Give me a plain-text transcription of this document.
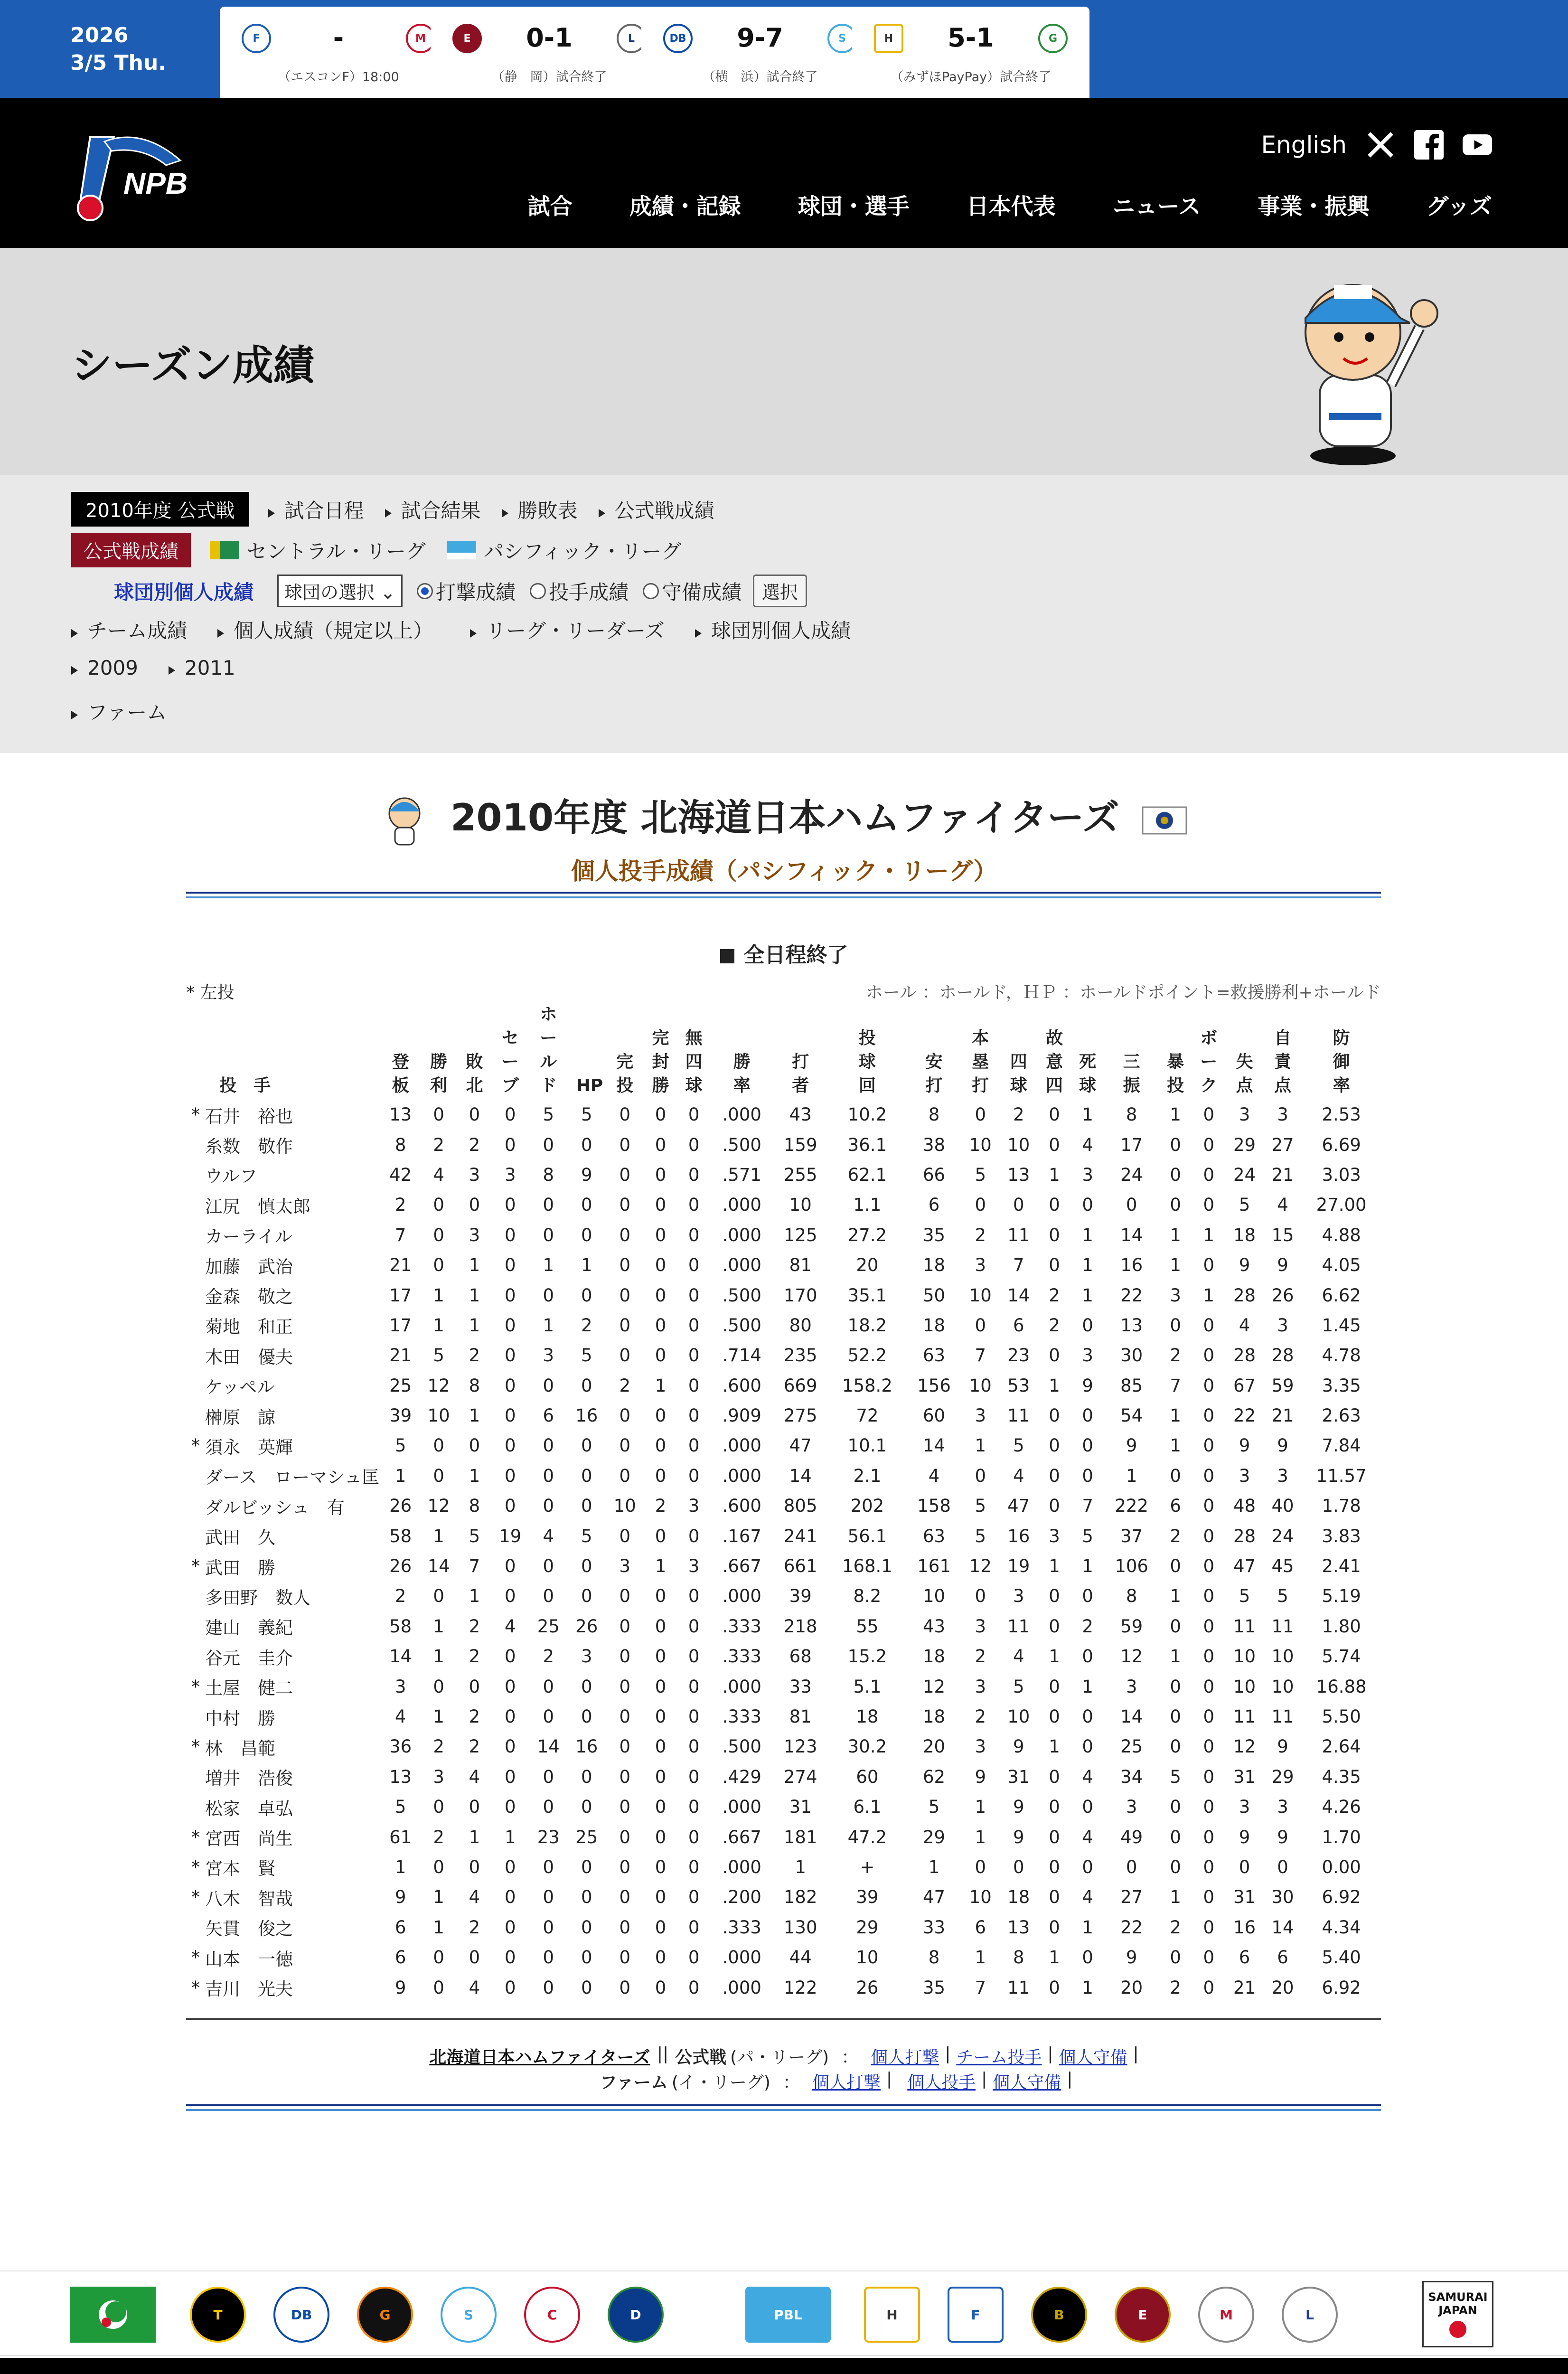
2026
3/5 Thu.
F	-	M
（エスコンF）18:00
E	0-1	L
（静　岡）試合終了
DB	9-7	S
（横　浜）試合終了
H	5-1	G
（みずほPayPay）試合終了
NPB
English
試合	成績・記録	球団・選手	日本代表	ニュース	事業・振興	グッズ
シーズン成績
2010年度 公式戦	試合日程	試合結果	勝敗表	公式戦成績
公式戦成績	セントラル・リーグ	パシフィック・リーグ
球団別個人成績	球団の選択 ⌄	打撃成績 投手成績 守備成績	選択
チーム成績	個人成績（規定以上）	リーグ・リーダーズ	球団別個人成績
2009	2011
ファーム
2010年度 北海道日本ハムファイターズ
個人投手成績（パシフィック・リーグ）
全日程終了
* 左投	ホール ：ホールド，ＨＰ ：ホールドポイント=救援勝利+ホールド
	投　手	登板	勝利	敗北	セーブ	ホールド	HP	完投	完封勝	無四球	勝率	打者	投球回	安打	本塁打	四球	故意四	死球	三振	暴投	ボーク	失点	自責点	防御率
*	石井　裕也	13	0	0	0	5	5	0	0	0	.000	43	10.2	8	0	2	0	1	8	1	0	3	3	2.53
	糸数　敬作	8	2	2	0	0	0	0	0	0	.500	159	36.1	38	10	10	0	4	17	0	0	29	27	6.69
	ウルフ	42	4	3	3	8	9	0	0	0	.571	255	62.1	66	5	13	1	3	24	0	0	24	21	3.03
	江尻　慎太郎	2	0	0	0	0	0	0	0	0	.000	10	1.1	6	0	0	0	0	0	0	0	5	4	27.00
	カーライル	7	0	3	0	0	0	0	0	0	.000	125	27.2	35	2	11	0	1	14	1	1	18	15	4.88
	加藤　武治	21	0	1	0	1	1	0	0	0	.000	81	20	18	3	7	0	1	16	1	0	9	9	4.05
	金森　敬之	17	1	1	0	0	0	0	0	0	.500	170	35.1	50	10	14	2	1	22	3	1	28	26	6.62
	菊地　和正	17	1	1	0	1	2	0	0	0	.500	80	18.2	18	0	6	2	0	13	0	0	4	3	1.45
	木田　優夫	21	5	2	0	3	5	0	0	0	.714	235	52.2	63	7	23	0	3	30	2	0	28	28	4.78
	ケッペル	25	12	8	0	0	0	2	1	0	.600	669	158.2	156	10	53	1	9	85	7	0	67	59	3.35
	榊原　諒	39	10	1	0	6	16	0	0	0	.909	275	72	60	3	11	0	0	54	1	0	22	21	2.63
*	須永　英輝	5	0	0	0	0	0	0	0	0	.000	47	10.1	14	1	5	0	0	9	1	0	9	9	7.84
	ダース　ローマシュ匡	1	0	1	0	0	0	0	0	0	.000	14	2.1	4	0	4	0	0	1	0	0	3	3	11.57
	ダルビッシュ　有	26	12	8	0	0	0	10	2	3	.600	805	202	158	5	47	0	7	222	6	0	48	40	1.78
	武田　久	58	1	5	19	4	5	0	0	0	.167	241	56.1	63	5	16	3	5	37	2	0	28	24	3.83
*	武田　勝	26	14	7	0	0	0	3	1	3	.667	661	168.1	161	12	19	1	1	106	0	0	47	45	2.41
	多田野　数人	2	0	1	0	0	0	0	0	0	.000	39	8.2	10	0	3	0	0	8	1	0	5	5	5.19
	建山　義紀	58	1	2	4	25	26	0	0	0	.333	218	55	43	3	11	0	2	59	0	0	11	11	1.80
	谷元　圭介	14	1	2	0	2	3	0	0	0	.333	68	15.2	18	2	4	1	0	12	1	0	10	10	5.74
*	土屋　健二	3	0	0	0	0	0	0	0	0	.000	33	5.1	12	3	5	0	1	3	0	0	10	10	16.88
	中村　勝	4	1	2	0	0	0	0	0	0	.333	81	18	18	2	10	0	0	14	0	0	11	11	5.50
*	林　昌範	36	2	2	0	14	16	0	0	0	.500	123	30.2	20	3	9	1	0	25	0	0	12	9	2.64
	増井　浩俊	13	3	4	0	0	0	0	0	0	.429	274	60	62	9	31	0	4	34	5	0	31	29	4.35
	松家　卓弘	5	0	0	0	0	0	0	0	0	.000	31	6.1	5	1	9	0	0	3	0	0	3	3	4.26
*	宮西　尚生	61	2	1	1	23	25	0	0	0	.667	181	47.2	29	1	9	0	4	49	0	0	9	9	1.70
*	宮本　賢	1	0	0	0	0	0	0	0	0	.000	1	+	1	0	0	0	0	0	0	0	0	0	0.00
*	八木　智哉	9	1	4	0	0	0	0	0	0	.200	182	39	47	10	18	0	4	27	1	0	31	30	6.92
	矢貫　俊之	6	1	2	0	0	0	0	0	0	.333	130	29	33	6	13	0	1	22	2	0	16	14	4.34
*	山本　一徳	6	0	0	0	0	0	0	0	0	.000	44	10	8	1	8	1	0	9	0	0	6	6	5.40
*	吉川　光夫	9	0	4	0	0	0	0	0	0	.000	122	26	35	7	11	0	1	20	2	0	21	20	6.92
北海道日本ハムファイターズ || 公式戦 (パ・リーグ) ： 個人打撃 | チーム投手 | 個人守備 |
ファーム (イ・リーグ) ： 個人打撃 | 個人投手 | 個人守備 |
T	DB	G	S	C	D	PBL	H	F	B	E	M	L
SAMURAI JAPAN
